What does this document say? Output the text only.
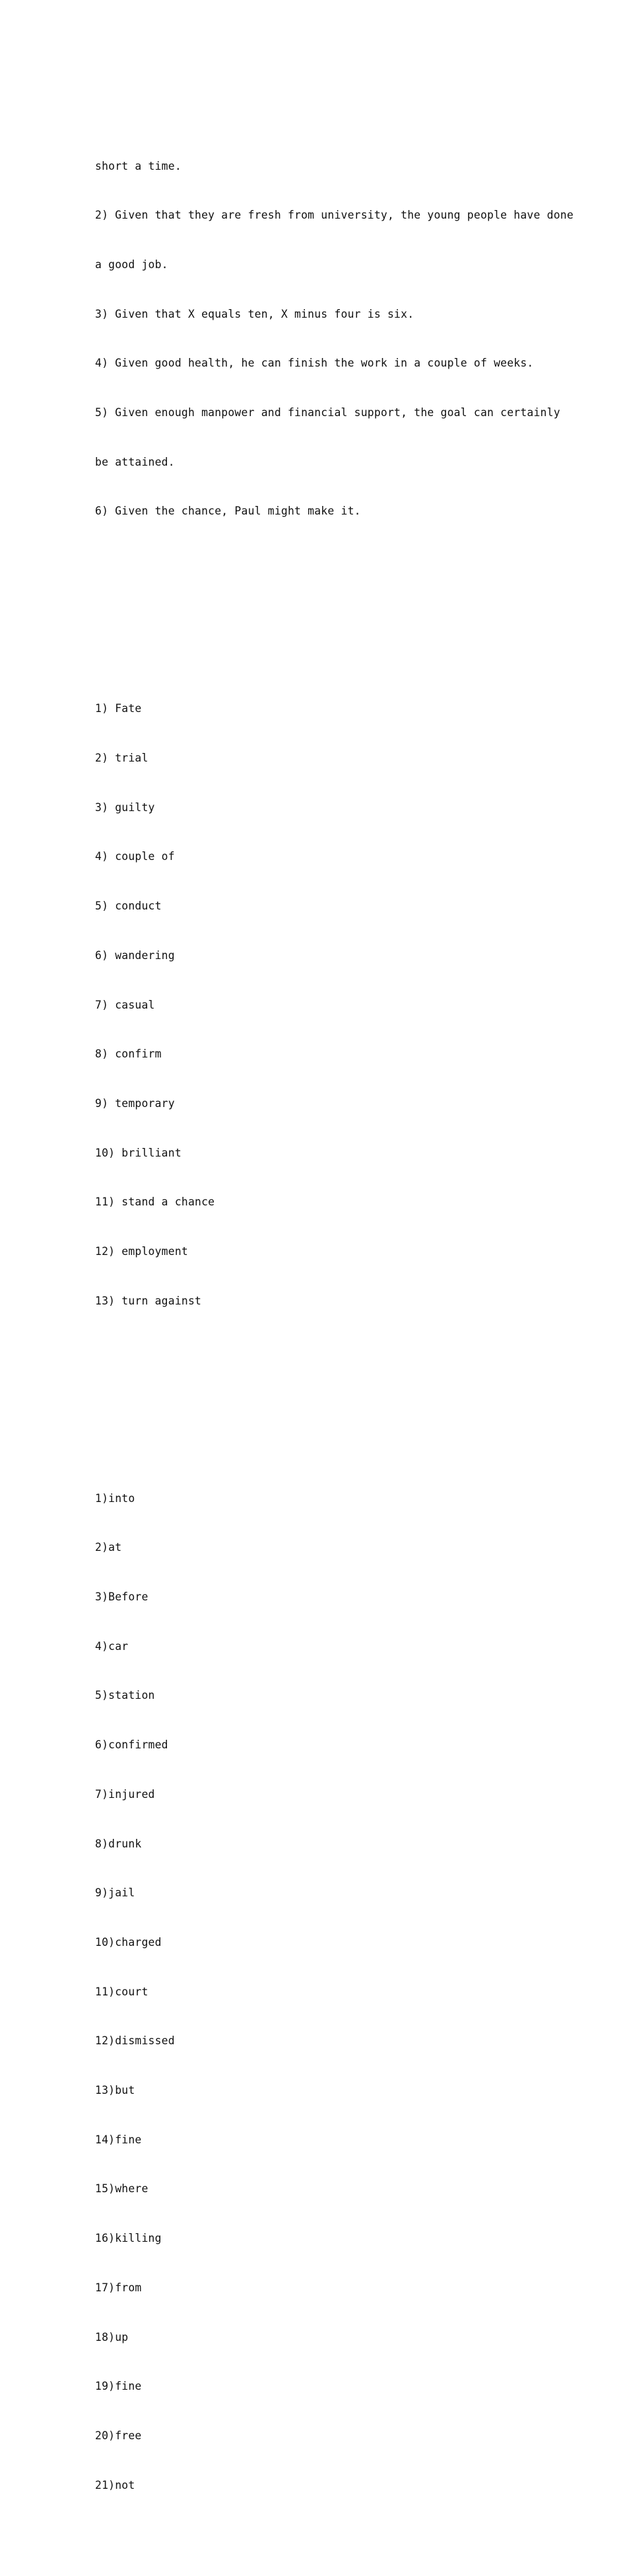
short a time.

2) Given that they are fresh from university, the young people have done

a good job.

3) Given that X equals ten, X minus four is six.

4) Given good health, he can finish the work in a couple of weeks.

5) Given enough manpower and financial support, the goal can certainly

be attained.

6) Given the chance, Paul might make it.

1) Fate

2) trial

3) guilty

4) couple of

5) conduct

6) wandering

7) casual

8) confirm

9) temporary

10) brilliant

11) stand a chance

12) employment

13) turn against

1)into

2)at

3)Before

4)car

5)station

6)confirmed

7)injured

8)drunk

9)jail

10)charged

11)court

12)dismissed

13)but

14)fine

15)where

16)killing

17)from

18)up

19)fine

20)free

21)not
